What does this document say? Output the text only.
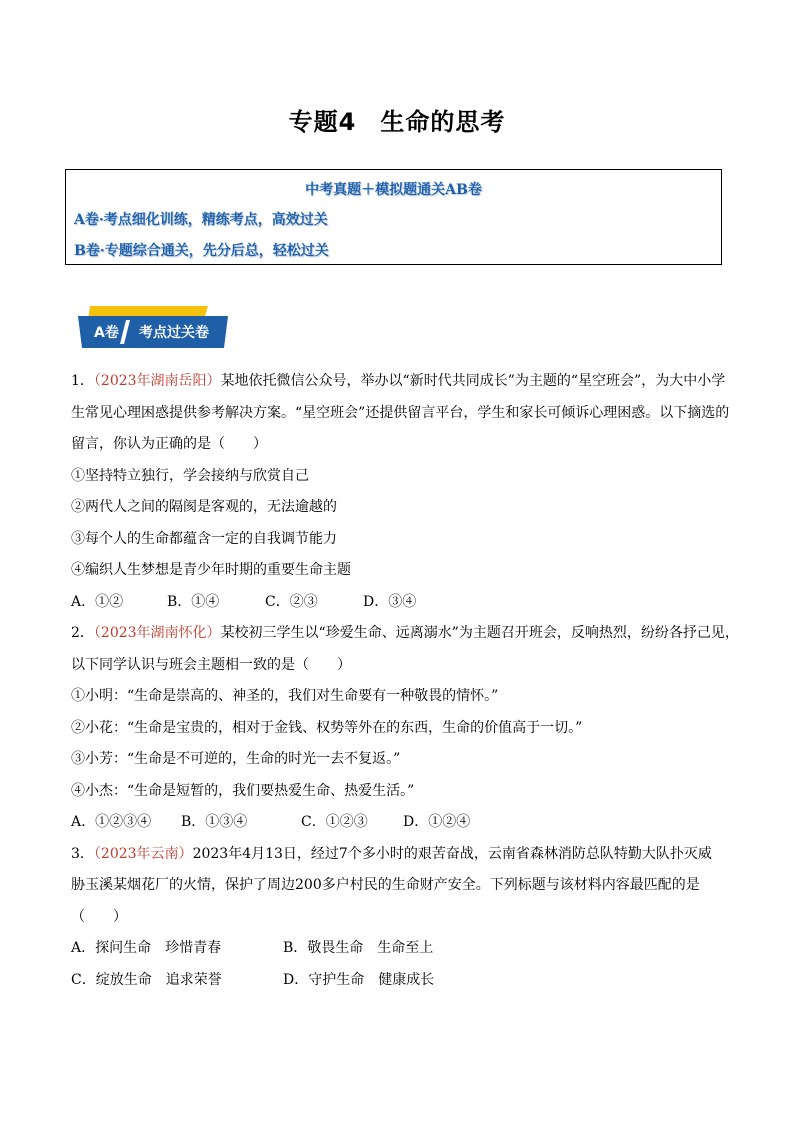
专题4 生命的思考
中考真题＋模拟题通关AB卷
A卷·考点细化训练，精练考点，高效过关
B卷·专题综合通关，先分后总，轻松过关
A卷 考点过关卷
1．（2023年湖南岳阳）某地依托微信公众号，举办以“新时代共同成长”为主题的“星空班会”，为大中小学
生常见心理困惑提供参考解决方案。“星空班会”还提供留言平台，学生和家长可倾诉心理困惑。以下摘选的
留言，你认为正确的是（　　）
①坚持特立独行，学会接纳与欣赏自己
②两代人之间的隔阂是客观的，无法逾越的
③每个人的生命都蕴含一定的自我调节能力
④编织人生梦想是青少年时期的重要生命主题
A．①②	B．①④	C．②③	D．③④
2．（2023年湖南怀化）某校初三学生以“珍爱生命、远离溺水”为主题召开班会，反响热烈，纷纷各抒己见，
以下同学认识与班会主题相一致的是（　　）
①小明：“生命是崇高的、神圣的，我们对生命要有一种敬畏的情怀。”
②小花：“生命是宝贵的，相对于金钱、权势等外在的东西，生命的价值高于一切。”
③小芳：“生命是不可逆的，生命的时光一去不复返。”
④小杰：“生命是短暂的，我们要热爱生命、热爱生活。”
A．①②③④ B．①③④	C．①②③	D．①②④
3．（2023年云南）2023年4月13日，经过7个多小时的艰苦奋战，云南省森林消防总队特勤大队扑灭威
胁玉溪某烟花厂的火情，保护了周边200多户村民的生命财产安全。下列标题与该材料内容最匹配的是
（　　）
A．探问生命　珍惜青春	B．敬畏生命　生命至上
C．绽放生命　追求荣誉	D．守护生命　健康成长
